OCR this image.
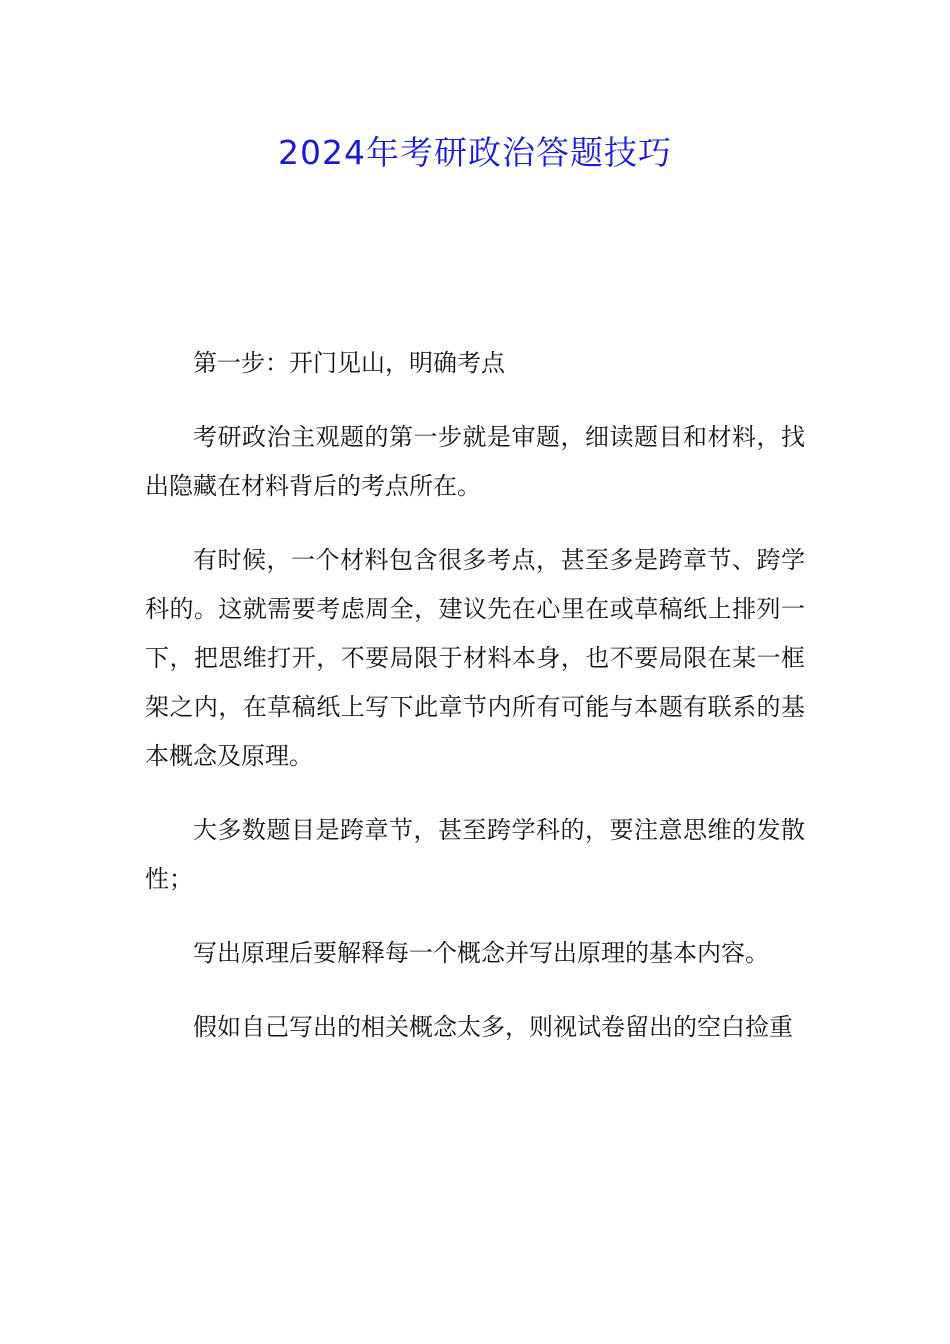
2024年考研政治答题技巧

第一步：开门见山，明确考点

考研政治主观题的第一步就是审题，细读题目和材料，找出隐藏在材料背后的考点所在。

有时候，一个材料包含很多考点，甚至多是跨章节、跨学科的。这就需要考虑周全，建议先在心里在或草稿纸上排列一下，把思维打开，不要局限于材料本身，也不要局限在某一框架之内，在草稿纸上写下此章节内所有可能与本题有联系的基本概念及原理。

大多数题目是跨章节，甚至跨学科的，要注意思维的发散性；

写出原理后要解释每一个概念并写出原理的基本内容。

假如自己写出的相关概念太多，则视试卷留出的空白捡重
